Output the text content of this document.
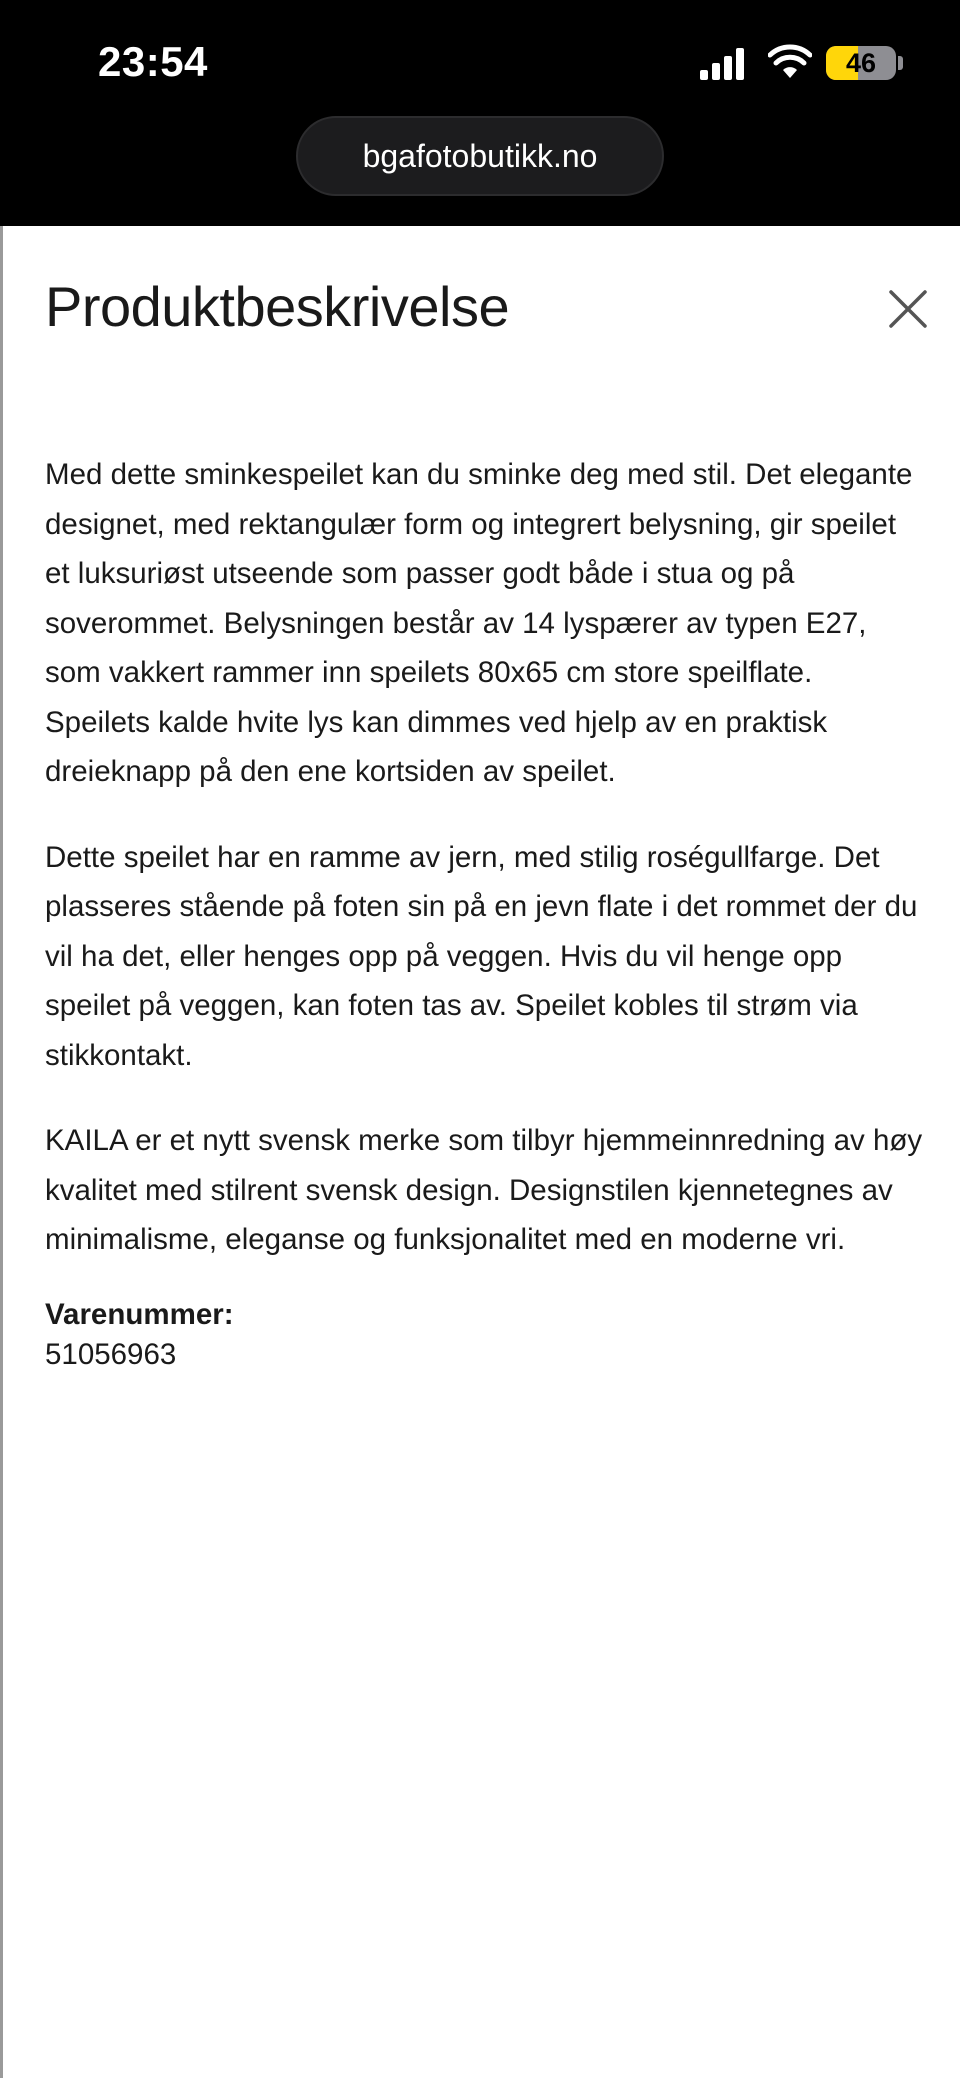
23:54	46
bgafotobutikk.no
Produktbeskrivelse

Med dette sminkespeilet kan du sminke deg med stil. Det elegante designet, med rektangulær form og integrert belysning, gir speilet et luksuriøst utseende som passer godt både i stua og på soverommet. Belysningen består av 14 lyspærer av typen E27, som vakkert rammer inn speilets 80x65 cm store speilflate. Speilets kalde hvite lys kan dimmes ved hjelp av en praktisk dreieknapp på den ene kortsiden av speilet.

Dette speilet har en ramme av jern, med stilig roségullfarge. Det plasseres stående på foten sin på en jevn flate i det rommet der du vil ha det, eller henges opp på veggen. Hvis du vil henge opp speilet på veggen, kan foten tas av. Speilet kobles til strøm via stikkontakt.

KAILA er et nytt svensk merke som tilbyr hjemmeinnredning av høy kvalitet med stilrent svensk design. Designstilen kjennetegnes av minimalisme, eleganse og funksjonalitet med en moderne vri.

Varenummer:
51056963
